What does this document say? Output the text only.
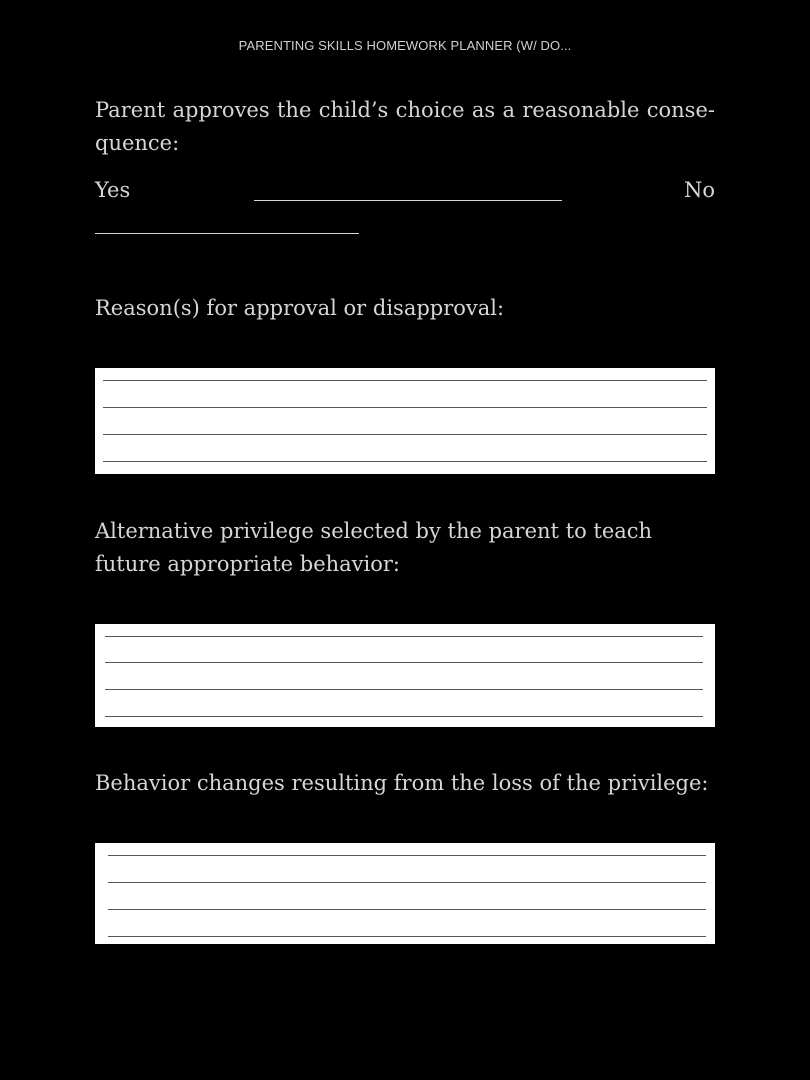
PARENTING SKILLS HOMEWORK PLANNER (W/ DO...
Parent approves the child’s choice as a reasonable consequence:
Yes	No
Reason(s) for approval or disapproval:
Alternative privilege selected by the parent to teach future appropriate behavior:
Behavior changes resulting from the loss of the privilege:
